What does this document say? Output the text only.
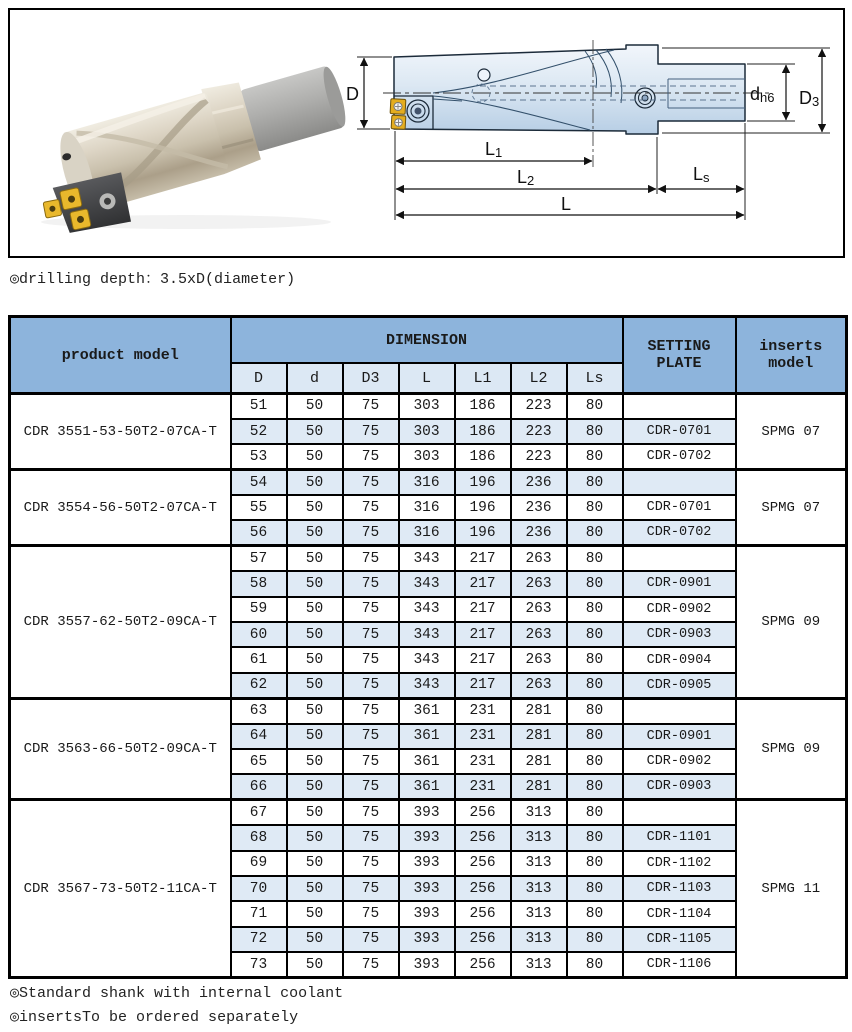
D
L1
L2	Ls
L
dh6 D3
◎drilling depth：3.5xD(diameter)
product model	DIMENSION							SETTING PLATE	inserts model
	D	d	D3	L	L1	L2	Ls		
CDR 3551-53-50T2-07CA-T	51	50	75	303	186	223	80		SPMG 07
	52	50	75	303	186	223	80	CDR-0701	
	53	50	75	303	186	223	80	CDR-0702	
CDR 3554-56-50T2-07CA-T	54	50	75	316	196	236	80		SPMG 07
	55	50	75	316	196	236	80	CDR-0701	
	56	50	75	316	196	236	80	CDR-0702	
CDR 3557-62-50T2-09CA-T	57	50	75	343	217	263	80		SPMG 09
	58	50	75	343	217	263	80	CDR-0901	
	59	50	75	343	217	263	80	CDR-0902	
	60	50	75	343	217	263	80	CDR-0903	
	61	50	75	343	217	263	80	CDR-0904	
	62	50	75	343	217	263	80	CDR-0905	
CDR 3563-66-50T2-09CA-T	63	50	75	361	231	281	80		SPMG 09
	64	50	75	361	231	281	80	CDR-0901	
	65	50	75	361	231	281	80	CDR-0902	
	66	50	75	361	231	281	80	CDR-0903	
CDR 3567-73-50T2-11CA-T	67	50	75	393	256	313	80		SPMG 11
	68	50	75	393	256	313	80	CDR-1101	
	69	50	75	393	256	313	80	CDR-1102	
	70	50	75	393	256	313	80	CDR-1103	
	71	50	75	393	256	313	80	CDR-1104	
	72	50	75	393	256	313	80	CDR-1105	
	73	50	75	393	256	313	80	CDR-1106	
◎Standard shank with internal coolant
◎insertsTo be ordered separately
